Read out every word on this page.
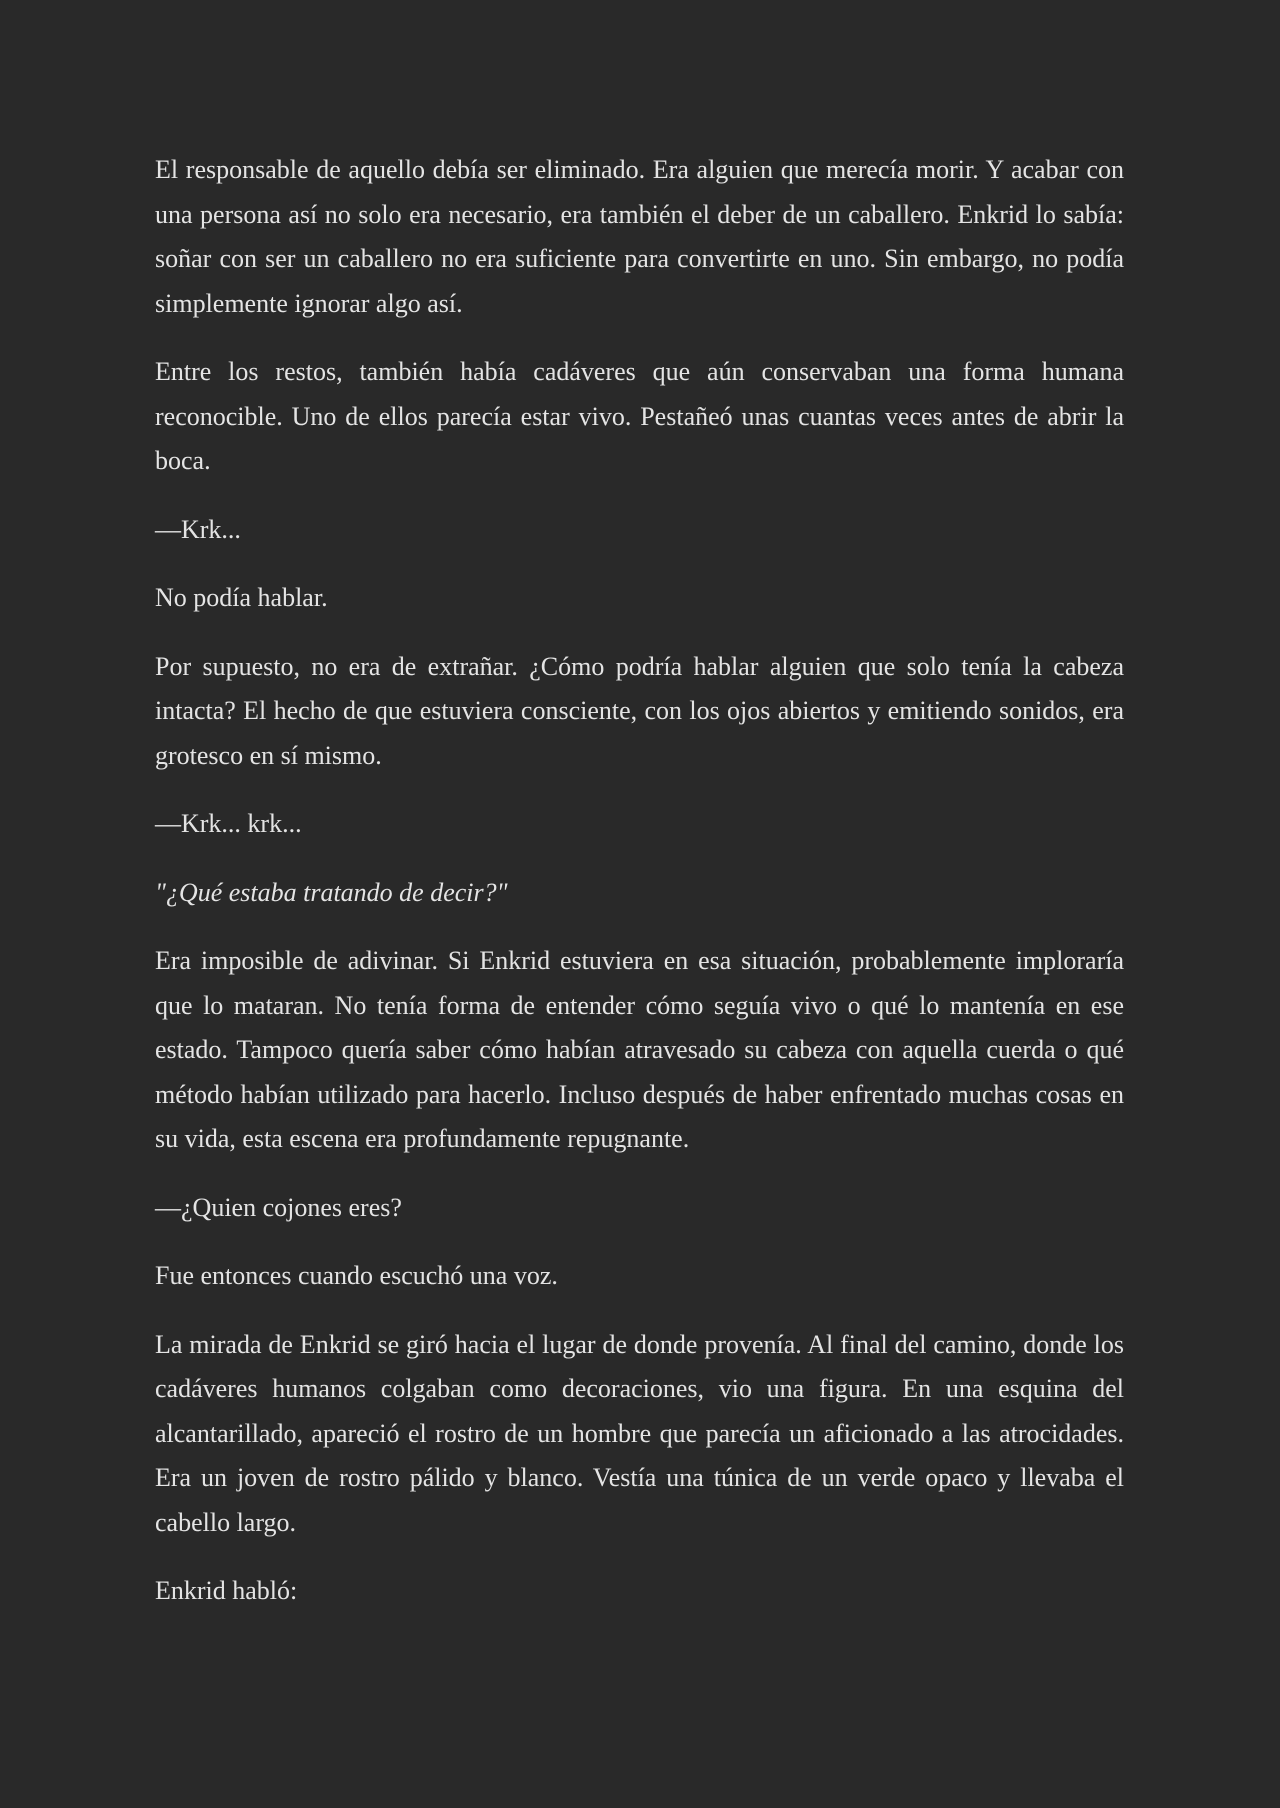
El responsable de aquello debía ser eliminado. Era alguien que merecía morir. Y acabar con una persona así no solo era necesario, era también el deber de un caballero. Enkrid lo sabía: soñar con ser un caballero no era suficiente para convertirte en uno. Sin embargo, no podía simplemente ignorar algo así.

Entre los restos, también había cadáveres que aún conservaban una forma humana reconocible. Uno de ellos parecía estar vivo. Pestañeó unas cuantas veces antes de abrir la boca.

—Krk...

No podía hablar.

Por supuesto, no era de extrañar. ¿Cómo podría hablar alguien que solo tenía la cabeza intacta? El hecho de que estuviera consciente, con los ojos abiertos y emitiendo sonidos, era grotesco en sí mismo.

—Krk... krk...

"¿Qué estaba tratando de decir?"

Era imposible de adivinar. Si Enkrid estuviera en esa situación, probablemente imploraría que lo mataran. No tenía forma de entender cómo seguía vivo o qué lo mantenía en ese estado. Tampoco quería saber cómo habían atravesado su cabeza con aquella cuerda o qué método habían utilizado para hacerlo. Incluso después de haber enfrentado muchas cosas en su vida, esta escena era profundamente repugnante.

—¿Quien cojones eres?

Fue entonces cuando escuchó una voz.

La mirada de Enkrid se giró hacia el lugar de donde provenía. Al final del camino, donde los cadáveres humanos colgaban como decoraciones, vio una figura. En una esquina del alcantarillado, apareció el rostro de un hombre que parecía un aficionado a las atrocidades. Era un joven de rostro pálido y blanco. Vestía una túnica de un verde opaco y llevaba el cabello largo.

Enkrid habló:
